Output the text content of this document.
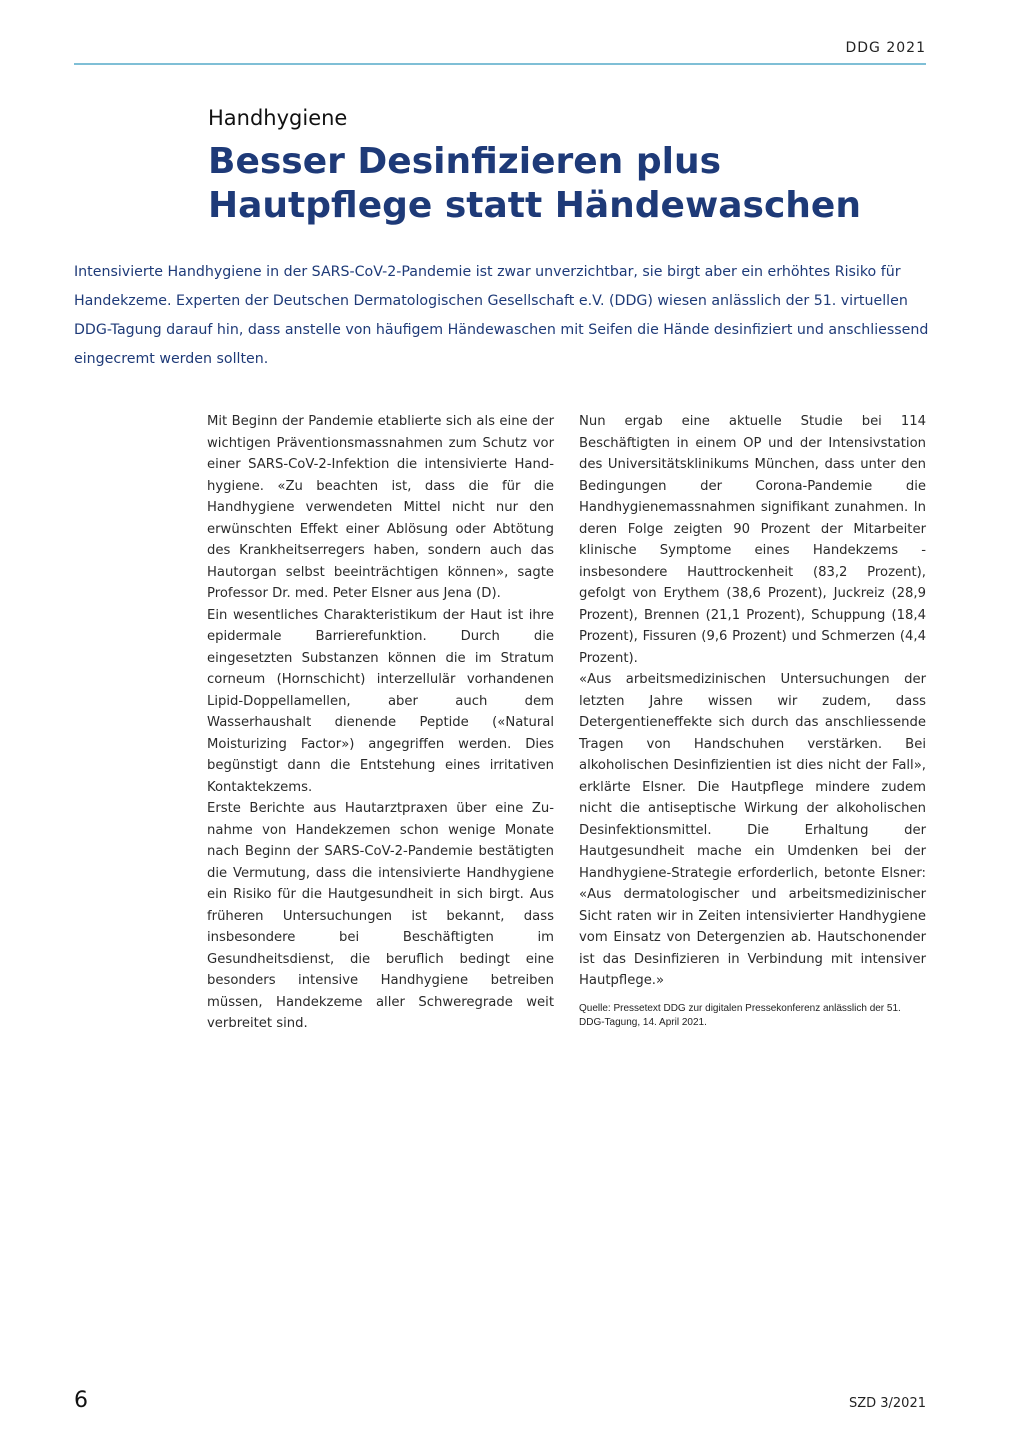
DDG 2021
Handhygiene
Besser Desinfizieren plus Hautpflege statt Händewaschen

Intensivierte Handhygiene in der SARS-CoV-2-Pandemie ist zwar unverzichtbar, sie birgt aber ein erhöhtes Risiko für Handekzeme. Experten der Deutschen Dermatologischen Gesellschaft e.V. (DDG) wiesen anlässlich der 51. virtuellen DDG-Tagung darauf hin, dass anstelle von häufigem Händewaschen mit Seifen die Hände desinfiziert und anschliessend eingecremt werden sollten.

Mit Beginn der Pandemie etablierte sich als eine der wichtigen Präventionsmassnahmen zum Schutz vor einer SARS-CoV-2-Infektion die intensivierte Handhygiene. «Zu beachten ist, dass die für die Handhygiene verwendeten Mittel nicht nur den erwünschten Effekt einer Ablösung oder Abtötung des Krankheitserregers haben, sondern auch das Hautorgan selbst beeinträchtigen können», sagte Professor Dr. med. Peter Elsner aus Jena (D).

Ein wesentliches Charakteristikum der Haut ist ihre epidermale Barrierefunktion. Durch die eingesetzten Substanzen können die im Stratum corneum (Hornschicht) interzellulär vorhandenen Lipid-Doppellamellen, aber auch dem Wasserhaushalt dienende Peptide («Natural Moisturizing Factor») angegriffen werden. Dies begünstigt dann die Entstehung eines irritativen Kontaktekzems.

Erste Berichte aus Hautarztpraxen über eine Zunahme von Handekzemen schon wenige Monate nach Beginn der SARS-CoV-2-Pandemie bestätigten die Vermutung, dass die intensivierte Handhygiene ein Risiko für die Hautgesundheit in sich birgt. Aus früheren Untersuchungen ist bekannt, dass insbesondere bei Beschäftigten im Gesundheitsdienst, die beruflich bedingt eine besonders intensive Handhygiene betreiben müssen, Handekzeme aller Schweregrade weit verbreitet sind.

Nun ergab eine aktuelle Studie bei 114 Beschäftigten in einem OP und der Intensivstation des Universitätsklinikums München, dass unter den Bedingungen der Corona-Pandemie die Handhygienemassnahmen signifikant zunahmen. In deren Folge zeigten 90 Prozent der Mitarbeiter klinische Symptome eines Handekzems - insbesondere Hauttrockenheit (83,2 Prozent), gefolgt von Erythem (38,6 Prozent), Juckreiz (28,9 Prozent), Brennen (21,1 Prozent), Schuppung (18,4 Prozent), Fissuren (9,6 Prozent) und Schmerzen (4,4 Prozent).

«Aus arbeitsmedizinischen Untersuchungen der letzten Jahre wissen wir zudem, dass Detergentieneffekte sich durch das anschliessende Tragen von Handschuhen verstärken. Bei alkoholischen Desinfizientien ist dies nicht der Fall», erklärte Elsner. Die Hautpflege mindere zudem nicht die antiseptische Wirkung der alkoholischen Desinfektionsmittel. Die Erhaltung der Hautgesundheit mache ein Umdenken bei der Handhygiene-Strategie erforderlich, betonte Elsner: «Aus dermatologischer und arbeitsmedizinischer Sicht raten wir in Zeiten intensivierter Handhygiene vom Einsatz von Detergenzien ab. Hautschonender ist das Desinfizieren in Verbindung mit intensiver Hautpflege.»

Quelle: Pressetext DDG zur digitalen Pressekonferenz anlässlich der 51. DDG-Tagung, 14. April 2021.

6	SZD 3/2021
